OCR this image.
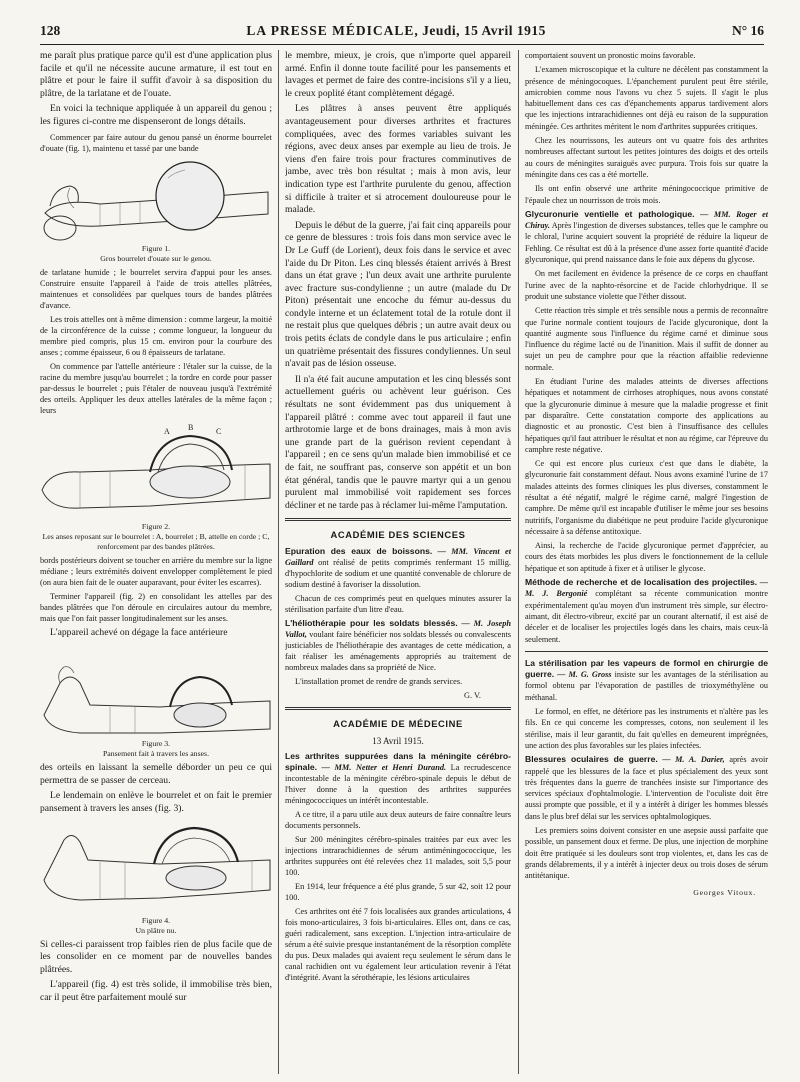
128	LA PRESSE MÉDICALE, Jeudi, 15 Avril 1915	N° 16

me paraît plus pratique parce qu'il est d'une application plus facile et qu'il ne nécessite aucune armature, il est tout en plâtre et pour le faire il suffit d'avoir à sa disposition du plâtre, de la tarlatane et de l'ouate.

En voici la technique appliquée à un appareil du genou ; les figures ci-contre me dispenseront de longs détails.

Commencer par faire autour du genou pansé un énorme bourrelet d'ouate (fig. 1), maintenu et tassé par une bande

Figure 1.
Gros bourrelet d'ouate sur le genou.

de tarlatane humide ; le bourrelet servira d'appui pour les anses. Construire ensuite l'appareil à l'aide de trois attelles plâtrées, maintenues et consolidées par quelques tours de bandes plâtrées d'avance.

Les trois attelles ont à même dimension : comme largeur, la moitié de la circonférence de la cuisse ; comme longueur, la longueur du membre pied compris, plus 15 cm. environ pour la courbure des anses ; comme épaisseur, 6 ou 8 épaisseurs de tarlatane.

On commence par l'attelle antérieure : l'étaler sur la cuisse, de la racine du membre jusqu'au bourrelet ; la tordre en corde pour passer par-dessus le bourrelet ; puis l'étaler de nouveau jusqu'à l'extrémité des orteils. Appliquer les deux attelles latérales de la même façon ; leurs

A B	C
Figure 2.
Les anses reposant sur le bourrelet : A, bourrelet ; B, attelle en corde ; C, renforcement par des bandes plâtrées.

bords postérieurs doivent se toucher en arrière du membre sur la ligne médiane ; leurs extrémités doivent envelopper complètement le pied (on aura bien fait de le ouater auparavant, pour éviter les escarres).

Terminer l'appareil (fig. 2) en consolidant les attelles par des bandes plâtrées que l'on déroule en circulaires autour du membre, mais que l'on fait passer longitudinalement sur les anses.

L'appareil achevé on dégage la face antérieure

Figure 3.
Pansement fait à travers les anses.

des orteils en laissant la semelle déborder un peu ce qui permettra de se passer de cerceau.

Le lendemain on enlève le bourrelet et on fait le premier pansement à travers les anses (fig. 3).

Figure 4.
Un plâtre nu.

Si celles-ci paraissent trop faibles rien de plus facile que de les consolider en ce moment par de nouvelles bandes plâtrées.

L'appareil (fig. 4) est très solide, il immobilise très bien, car il peut être parfaitement moulé sur

le membre, mieux, je crois, que n'importe quel appareil armé. Enfin il donne toute facilité pour les pansements et lavages et permet de faire des contre-incisions s'il y a lieu, le creux poplité étant complètement dégagé.

Les plâtres à anses peuvent être appliqués avantageusement pour diverses arthrites et fractures compliquées, avec des formes variables suivant les régions, avec deux anses par exemple au lieu de trois. Je viens d'en faire trois pour fractures comminutives de jambe, avec très bon résultat ; mais à mon avis, leur indication type est l'arthrite purulente du genou, affection si difficile à traiter et si atrocement douloureuse pour le malade.

Depuis le début de la guerre, j'ai fait cinq appareils pour ce genre de blessures : trois fois dans mon service avec le Dr Le Guff (de Lorient), deux fois dans le service et avec l'aide du Dr Piton. Les cinq blessés étaient arrivés à Brest dans un état grave ; l'un deux avait une arthrite purulente avec fracture sus-condylienne ; un autre (malade du Dr Piton) présentait une encoche du fémur au-dessus du condyle interne et un éclatement total de la rotule dont il ne restait plus que quelques débris ; un autre avait deux ou trois petits éclats de condyle dans le pus articulaire ; enfin un quatrième présentait des fissures condyliennes. Un seul n'avait pas de lésion osseuse.

Il n'a été fait aucune amputation et les cinq blessés sont actuellement guéris ou achèvent leur guérison. Ces résultats ne sont évidemment pas dus uniquement à l'appareil plâtré : comme avec tout appareil il faut une arthrotomie large et de bons drainages, mais à mon avis une grande part de la guérison revient cependant à l'appareil ; en ce sens qu'un malade bien immobilisé et ce de fait, ne souffrant pas, conserve son appétit et un bon état général, tandis que le pauvre martyr qui a un genou purulent mal immobilisé voit rapidement ses forces décliner et ne tarde pas à réclamer lui-même l'amputation.

ACADÉMIE DES SCIENCES

Epuration des eaux de boissons. — MM. Vincent et Gaillard ont réalisé de petits comprimés renfermant 15 millig. d'hypochlorite de sodium et une quantité convenable de chlorure de sodium destiné à favoriser la dissolution.

Chacun de ces comprimés peut en quelques minutes assurer la stérilisation parfaite d'un litre d'eau.

L'héliothérapie pour les soldats blessés. — M. Joseph Vallot, voulant faire bénéficier nos soldats blessés ou convalescents justiciables de l'héliothérapie des avantages de cette médication, a fait réaliser les aménagements appropriés au traitement de nombreux malades dans sa propriété de Nice.

L'installation promet de rendre de grands services.

G. V.
ACADÉMIE DE MÉDECINE
13 Avril 1915.

Les arthrites suppurées dans la méningite cérébro-spinale. — MM. Netter et Henri Durand. La recrudescence incontestable de la méningite cérébro-spinale depuis le début de l'hiver donne à la question des arthrites suppurées méningococciques un intérêt incontestable.

A ce titre, il a paru utile aux deux auteurs de faire connaître leurs documents personnels.

Sur 200 méningites cérébro-spinales traitées par eux avec les injections intrarachidiennes de sérum antiméningococcique, les arthrites suppurées ont été relevées chez 11 malades, soit 5,5 pour 100.

En 1914, leur fréquence a été plus grande, 5 sur 42, soit 12 pour 100.

Ces arthrites ont été 7 fois localisées aux grandes articulations, 4 fois mono-articulaires, 3 fois bi-articulaires. Elles ont, dans ce cas, guéri radicalement, sans exception. L'injection intra-articulaire de sérum a été suivie presque instantanément de la résorption complète du pus. Deux malades qui avaient reçu seulement le sérum dans le canal rachidien ont vu également leur articulation revenir à l'état d'intégrité. Avant la sérothérapie, les lésions articulaires

comportaient souvent un pronostic moins favorable.

L'examen microscopique et la culture ne décèlent pas constamment la présence de méningocoques. L'épanchement purulent peut être stérile, amicrobien comme nous l'avons vu chez 5 sujets. Il s'agit le plus habituellement dans ces cas d'épanchements apparus tardivement alors que les injections intrarachidiennes ont déjà eu raison de la suppuration méningée. Ces arthrites méritent le nom d'arthrites suppurées critiques.

Chez les nourrissons, les auteurs ont vu quatre fois des arthrites nombreuses affectant surtout les petites jointures des doigts et des orteils au cours de méningites suraiguës avec purpura. Trois fois sur quatre la méningite dans ces cas a été mortelle.

Ils ont enfin observé une arthrite méningococcique primitive de l'épaule chez un nourrisson de trois mois.

Glycuronurie ventielle et pathologique. — MM. Roger et Chiray. Après l'ingestion de diverses substances, telles que le camphre ou le chloral, l'urine acquiert souvent la propriété de réduire la liqueur de Fehling. Ce résultat est dû à la présence d'une assez forte quantité d'acide glycuronique, qui prend naissance dans le foie aux dépens du glycose.

On met facilement en évidence la présence de ce corps en chauffant l'urine avec de la naphto-résorcine et de l'acide chlorhydrique. Il se produit une substance violette que l'éther dissout.

Cette réaction très simple et très sensible nous a permis de reconnaître que l'urine normale contient toujours de l'acide glycuronique, dont la quantité augmente sous l'influence du régime carné et diminue sous l'influence du régime lacté ou de l'inanition. Mais il suffit de donner au sujet un peu de camphre pour que la réaction affaiblie redevienne normale.

En étudiant l'urine des malades atteints de diverses affections hépatiques et notamment de cirrhoses atrophiques, nous avons constaté que la glycuronurie diminue à mesure que la maladie progresse et finit par disparaître. Cette constatation comporte des applications au diagnostic et au pronostic. C'est bien à l'insuffisance des cellules hépatiques qu'il faut attribuer le résultat et non au régime, car l'épreuve du camphre reste négative.

Ce qui est encore plus curieux c'est que dans le diabète, la glycuronurie fait constamment défaut. Nous avons examiné l'urine de 17 malades atteints des formes cliniques les plus diverses, constamment le résultat a été négatif, malgré le régime carné, malgré l'ingestion de camphre. De même qu'il est incapable d'utiliser le même jour ses besoins nutritifs, l'organisme du diabétique ne peut produire l'acide glycuronique nécessaire à sa défense antitoxique.

Ainsi, la recherche de l'acide glycuronique permet d'apprécier, au cours des états morbides les plus divers le fonctionnement de la cellule hépatique et son aptitude à fixer et à utiliser le glycose.

Méthode de recherche et de localisation des projectiles. — M. J. Bergonié complétant sa récente communication montre expérimentalement qu'au moyen d'un instrument très simple, sur électro-aimant, dit électro-vibreur, excité par un courant alternatif, il est aisé de déceler et de localiser les projectiles logés dans les chairs, mais ceux-là seulement.

La stérilisation par les vapeurs de formol en chirurgie de guerre. — M. G. Gross insiste sur les avantages de la stérilisation au formol obtenu par l'évaporation de pastilles de trioxyméthylène ou méthanal.

Le formol, en effet, ne détériore pas les instruments et n'altère pas les fils. En ce qui concerne les compresses, cotons, non seulement il les stérilise, mais il leur garantit, du fait qu'elles en demeurent imprégnées, une action des plus favorables sur les plaies infectées.

Blessures oculaires de guerre. — M. A. Darier, après avoir rappelé que les blessures de la face et plus spécialement des yeux sont très fréquentes dans la guerre de tranchées insiste sur l'importance des services spéciaux d'ophtalmologie. L'intervention de l'oculiste doit être aussi prompte que possible, et il y a intérêt à diriger les hommes blessés dans le plus bref délai sur les services ophtalmologiques.

Les premiers soins doivent consister en une asepsie aussi parfaite que possible, un pansement doux et ferme. De plus, une injection de morphine doit être pratiquée si les douleurs sont trop violentes, et, dans les cas de grands délabrements, il y a intérêt à injecter deux ou trois doses de sérum antitétanique.

Georges Vitoux.
